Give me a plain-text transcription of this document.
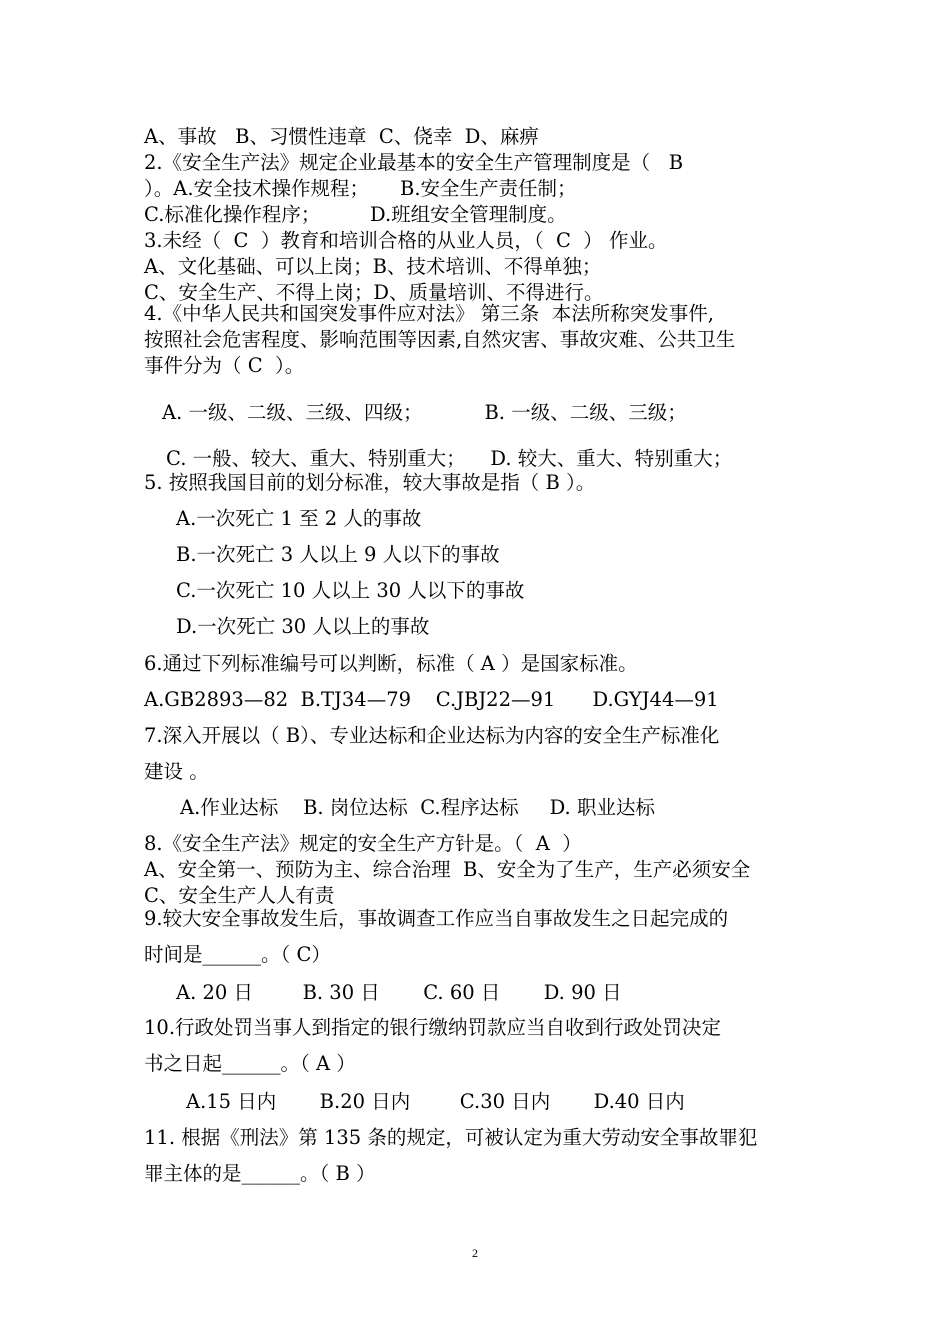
A、事故   B、习惯性违章  C、侥幸  D、麻痹
2.《安全生产法》规定企业最基本的安全生产管理制度是（   B
）。A.安全技术操作规程；     B.安全生产责任制；
C.标准化操作程序；        D.班组安全管理制度。
3.未经（  C  ）教育和培训合格的从业人员，（  C  ） 作业。
A、文化基础、可以上岗；B、技术培训、不得单独；
C、安全生产、不得上岗；D、质量培训、不得进行。
4.《中华人民共和国突发事件应对法》 第三条  本法所称突发事件,
按照社会危害程度、影响范围等因素,自然灾害、事故灾难、公共卫生
事件分为（ C  ）。
A. 一级、二级、三级、四级；          B. 一级、二级、三级；
C. 一般、较大、重大、特别重大；    D. 较大、重大、特别重大；
5. 按照我国目前的划分标准，较大事故是指（ B ）。
A.一次死亡 1 至 2 人的事故
B.一次死亡 3 人以上 9 人以下的事故
C.一次死亡 10 人以上 30 人以下的事故
D.一次死亡 30 人以上的事故
6.通过下列标准编号可以判断，标准（ A ）是国家标准。
A.GB2893—82  B.TJ34—79    C.JBJ22—91      D.GYJ44—91
7.深入开展以（ B）、专业达标和企业达标为内容的安全生产标准化
建设 。
A.作业达标    B. 岗位达标  C.程序达标     D. 职业达标
8.《安全生产法》规定的安全生产方针是。（  A  ）
A、安全第一、预防为主、综合治理  B、安全为了生产，生产必须安全
C、安全生产人人有责
9.较大安全事故发生后，事故调查工作应当自事故发生之日起完成的
时间是______。（ C）
A. 20 日        B. 30 日       C. 60 日       D. 90 日
10.行政处罚当事人到指定的银行缴纳罚款应当自收到行政处罚决定
书之日起______。（ A ）
A.15 日内       B.20 日内        C.30 日内       D.40 日内
11. 根据《刑法》第 135 条的规定，可被认定为重大劳动安全事故罪犯
罪主体的是______。（ B ）
2
